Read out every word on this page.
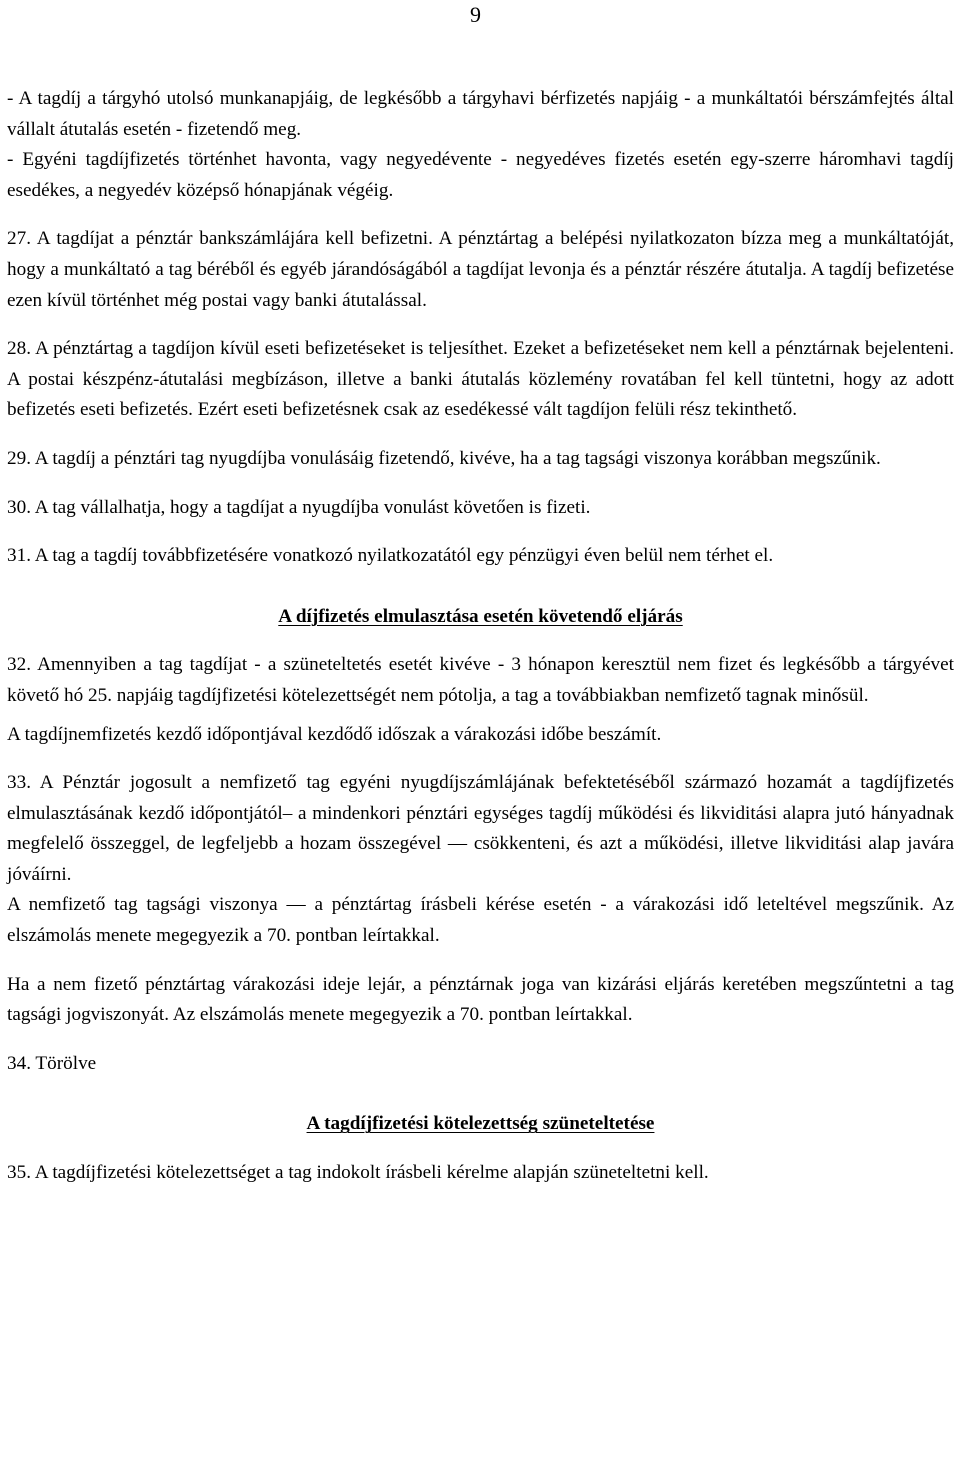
9

- A tagdíj a tárgyhó utolsó munkanapjáig, de legkésőbb a tárgyhavi bérfizetés napjáig - a munkáltatói bérszámfejtés által vállalt átutalás esetén - fizetendő meg.

- Egyéni tagdíjfizetés történhet havonta, vagy negyedévente - negyedéves fizetés esetén egy-szerre háromhavi tagdíj esedékes, a negyedév középső hónapjának végéig.

27. A tagdíjat a pénztár bankszámlájára kell befizetni. A pénztártag a belépési nyilatkozaton bízza meg a munkáltatóját, hogy a munkáltató a tag béréből és egyéb járandóságából a tagdíjat levonja és a pénztár részére átutalja. A tagdíj befizetése ezen kívül történhet még postai vagy banki átutalással.

28. A pénztártag a tagdíjon kívül eseti befizetéseket is teljesíthet. Ezeket a befizetéseket nem kell a pénztárnak bejelenteni. A postai készpénz-átutalási megbízáson, illetve a banki átutalás közlemény rovatában fel kell tüntetni, hogy az adott befizetés eseti befizetés. Ezért eseti befizetésnek csak az esedékessé vált tagdíjon felüli rész tekinthető.

29. A tagdíj a pénztári tag nyugdíjba vonulásáig fizetendő, kivéve, ha a tag tagsági viszonya korábban megszűnik.

30. A tag vállalhatja, hogy a tagdíjat a nyugdíjba vonulást követően is fizeti.

31. A tag a tagdíj továbbfizetésére vonatkozó nyilatkozatától egy pénzügyi éven belül nem térhet el.

A díjfizetés elmulasztása esetén követendő eljárás

32. Amennyiben a tag tagdíjat - a szüneteltetés esetét kivéve - 3 hónapon keresztül nem fizet és legkésőbb a tárgyévet követő hó 25. napjáig tagdíjfizetési kötelezettségét nem pótolja, a tag a továbbiakban nemfizető tagnak minősül.

A tagdíjnemfizetés kezdő időpontjával kezdődő időszak a várakozási időbe beszámít.

33. A Pénztár jogosult a nemfizető tag egyéni nyugdíjszámlájának befektetéséből származó hozamát a tagdíjfizetés elmulasztásának kezdő időpontjától– a mindenkori pénztári egységes tagdíj működési és likviditási alapra jutó hányadnak megfelelő összeggel, de legfeljebb a hozam összegével — csökkenteni, és azt a működési, illetve likviditási alap javára jóváírni.

A nemfizető tag tagsági viszonya — a pénztártag írásbeli kérése esetén - a várakozási idő leteltével megszűnik. Az elszámolás menete megegyezik a 70. pontban leírtakkal.

Ha a nem fizető pénztártag várakozási ideje lejár, a pénztárnak joga van kizárási eljárás keretében megszűntetni a tag tagsági jogviszonyát. Az elszámolás menete megegyezik a 70. pontban leírtakkal.

34. Törölve

A tagdíjfizetési kötelezettség szüneteltetése

35. A tagdíjfizetési kötelezettséget a tag indokolt írásbeli kérelme alapján szüneteltetni kell.
